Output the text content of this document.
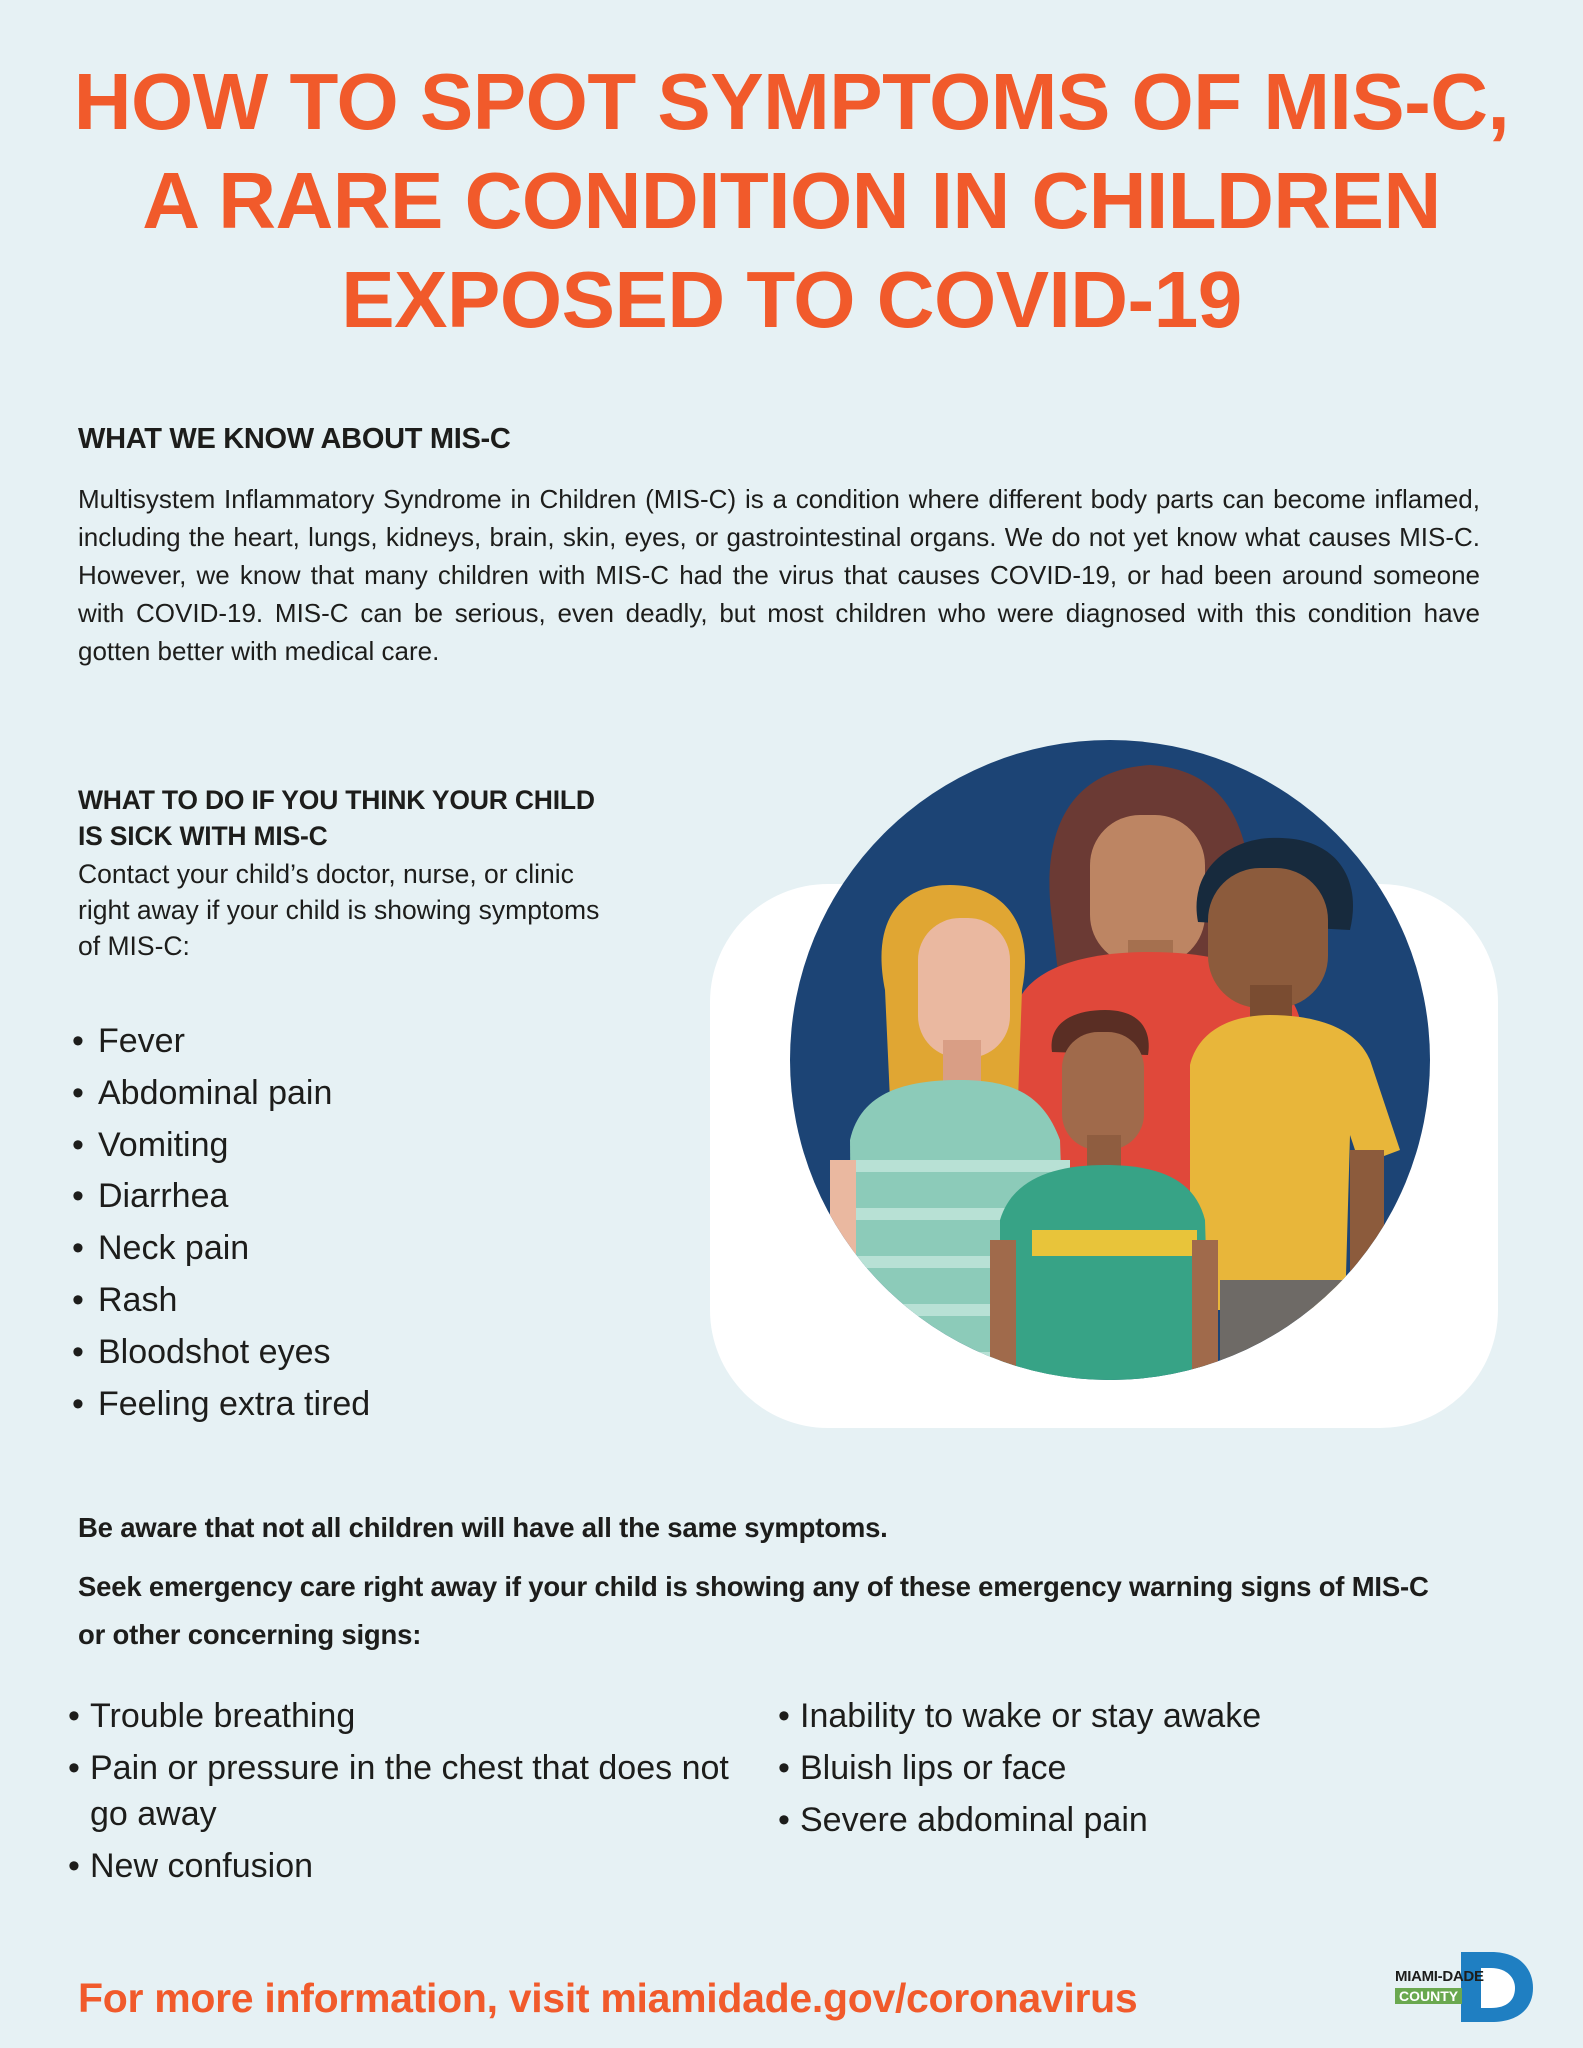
HOW TO SPOT SYMPTOMS OF MIS-C,
A RARE CONDITION IN CHILDREN
EXPOSED TO COVID-19
WHAT WE KNOW ABOUT MIS-C
Multisystem Inflammatory Syndrome in Children (MIS-C) is a condition where different body parts can become inflamed, including the heart, lungs, kidneys, brain, skin, eyes, or gastrointestinal organs. We do not yet know what causes MIS-C. However, we know that many children with MIS-C had the virus that causes COVID-19, or had been around someone with COVID-19. MIS-C can be serious, even deadly, but most children who were diagnosed with this condition have gotten better with medical care.
WHAT TO DO IF YOU THINK YOUR CHILD IS SICK WITH MIS-C
Contact your child’s doctor, nurse, or clinic right away if your child is showing symptoms of MIS-C:
• Fever
• Abdominal pain
• Vomiting
• Diarrhea
• Neck pain
• Rash
• Bloodshot eyes
• Feeling extra tired
Be aware that not all children will have all the same symptoms.
Seek emergency care right away if your child is showing any of these emergency warning signs of MIS-C or other concerning signs:
• Trouble breathing
• Pain or pressure in the chest that does not go away
• New confusion
• Inability to wake or stay awake
• Bluish lips or face
• Severe abdominal pain
For more information, visit miamidade.gov/coronavirus	MIAMI-DADE
COUNTY
